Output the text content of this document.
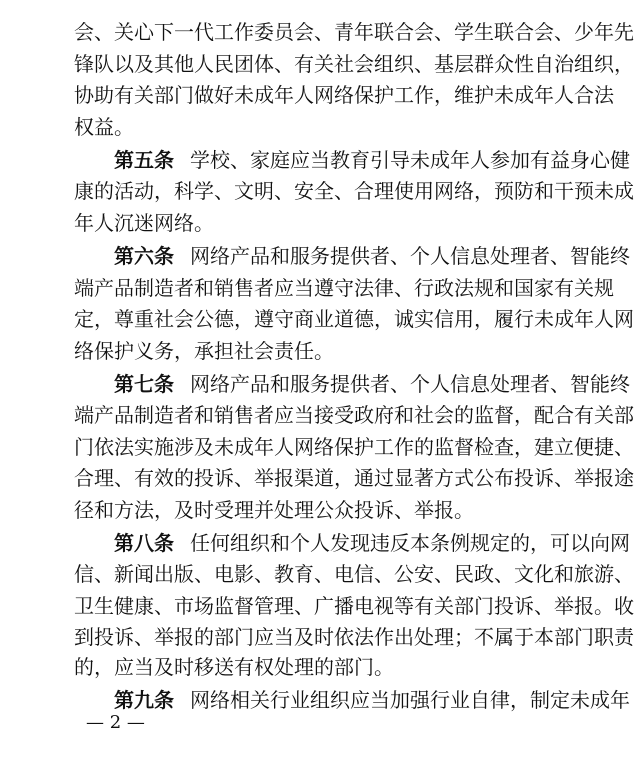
会、关心下一代工作委员会、青年联合会、学生联合会、少年先
锋队以及其他人民团体、有关社会组织、基层群众性自治组织，
协助有关部门做好未成年人网络保护工作，维护未成年人合法
权益。
第五条 学校、家庭应当教育引导未成年人参加有益身心健
康的活动，科学、文明、安全、合理使用网络，预防和干预未成
年人沉迷网络。
第六条 网络产品和服务提供者、个人信息处理者、智能终
端产品制造者和销售者应当遵守法律、行政法规和国家有关规
定，尊重社会公德，遵守商业道德，诚实信用，履行未成年人网
络保护义务，承担社会责任。
第七条 网络产品和服务提供者、个人信息处理者、智能终
端产品制造者和销售者应当接受政府和社会的监督，配合有关部
门依法实施涉及未成年人网络保护工作的监督检查，建立便捷、
合理、有效的投诉、举报渠道，通过显著方式公布投诉、举报途
径和方法，及时受理并处理公众投诉、举报。
第八条 任何组织和个人发现违反本条例规定的，可以向网
信、新闻出版、电影、教育、电信、公安、民政、文化和旅游、
卫生健康、市场监督管理、广播电视等有关部门投诉、举报。收
到投诉、举报的部门应当及时依法作出处理；不属于本部门职责
的，应当及时移送有权处理的部门。
第九条 网络相关行业组织应当加强行业自律，制定未成年
— 2 —
